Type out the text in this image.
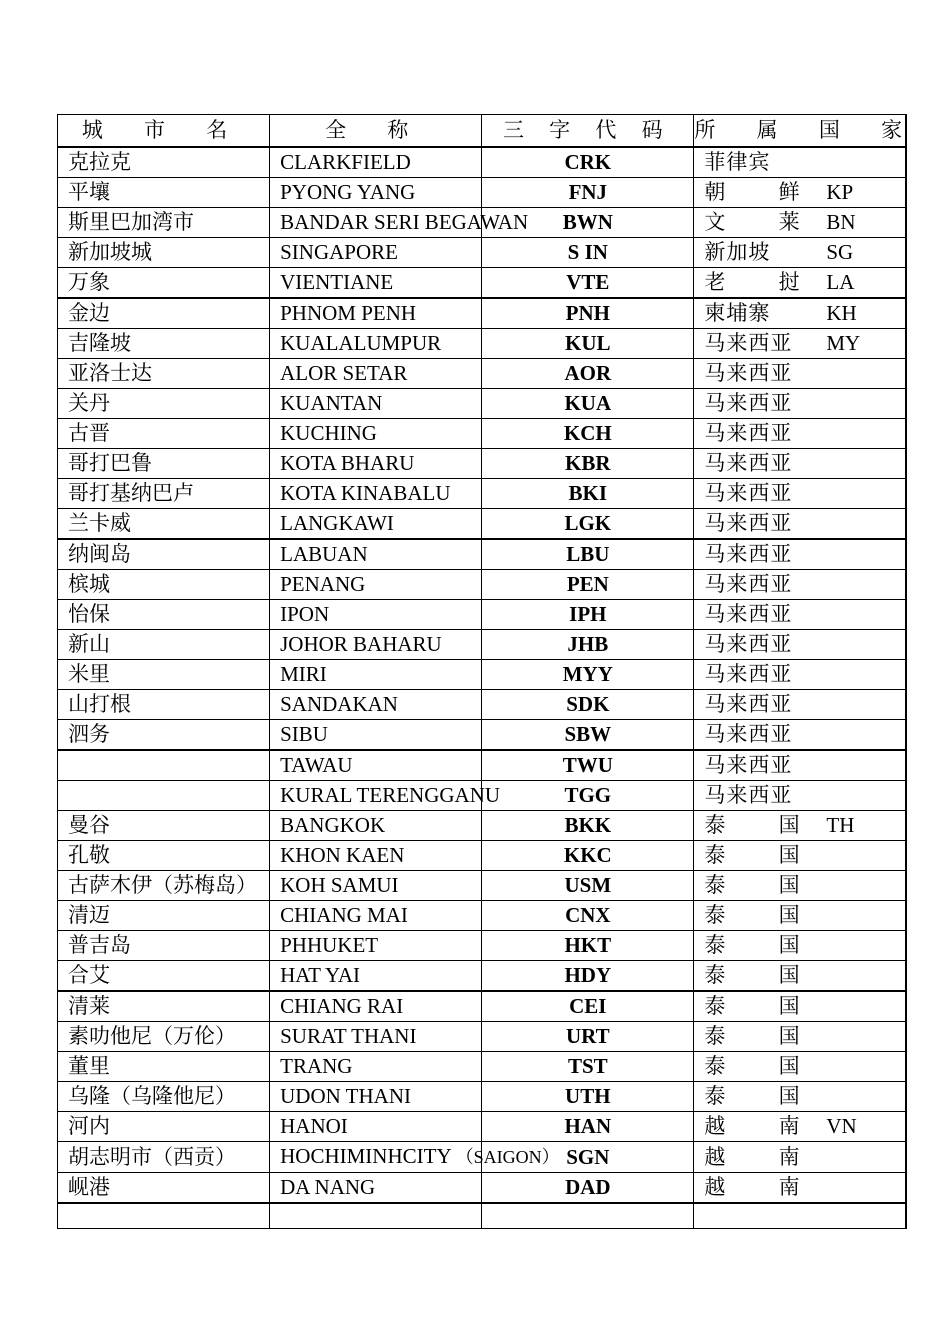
城 市 名	全 称	三 字 代 码	所 属 国 家
克拉克	CLARKFIELD	CRK	菲律宾
平壤	PYONG YANG	FNJ	朝 鲜 KP
斯里巴加湾市	BANDAR SERI BEGAWAN	BWN	文 莱 BN
新加坡城	SINGAPORE	S IN	新加坡 SG
万象	VIENTIANE	VTE	老 挝 LA
金边	PHNOM PENH	PNH	柬埔寨 KH
吉隆坡	KUALALUMPUR	KUL	马来西亚 MY
亚洛士达	ALOR SETAR	AOR	马来西亚
关丹	KUANTAN	KUA	马来西亚
古晋	KUCHING	KCH	马来西亚
哥打巴鲁	KOTA BHARU	KBR	马来西亚
哥打基纳巴卢	KOTA KINABALU	BKI	马来西亚
兰卡威	LANGKAWI	LGK	马来西亚
纳闽岛	LABUAN	LBU	马来西亚
槟城	PENANG	PEN	马来西亚
怡保	IPON	IPH	马来西亚
新山	JOHOR BAHARU	JHB	马来西亚
米里	MIRI	MYY	马来西亚
山打根	SANDAKAN	SDK	马来西亚
泗务	SIBU	SBW	马来西亚
	TAWAU	TWU	马来西亚
	KURAL TERENGGANU	TGG	马来西亚
曼谷	BANGKOK	BKK	泰 国 TH
孔敬	KHON KAEN	KKC	泰 国
古萨木伊（苏梅岛）	KOH SAMUI	USM	泰 国
清迈	CHIANG MAI	CNX	泰 国
普吉岛	PHHUKET	HKT	泰 国
合艾	HAT YAI	HDY	泰 国
清莱	CHIANG RAI	CEI	泰 国
素叻他尼（万伦）	SURAT THANI	URT	泰 国
董里	TRANG	TST	泰 国
乌隆（乌隆他尼）	UDON THANI	UTH	泰 国
河内	HANOI	HAN	越 南 VN
胡志明市（西贡）	HOCHIMINHCITY （SAIGON）	SGN	越 南
岘港	DA NANG	DAD	越 南
